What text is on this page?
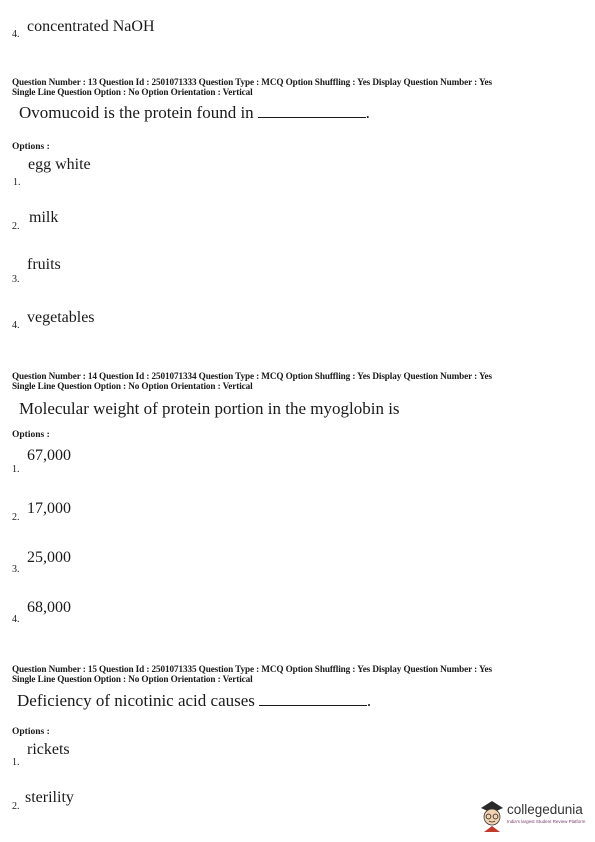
4. concentrated NaOH
Question Number : 13 Question Id : 2501071333 Question Type : MCQ Option Shuffling : Yes Display Question Number : Yes
Single Line Question Option : No Option Orientation : Vertical
Ovomucoid is the protein found in	.
Options :
egg white
1.
2.
milk
fruits
3.
4. vegetables
Question Number : 14 Question Id : 2501071334 Question Type : MCQ Option Shuffling : Yes Display Question Number : Yes
Single Line Question Option : No Option Orientation : Vertical
Molecular weight of protein portion in the myoglobin is
Options :
67,000
1.
2.
17,000
25,000
3.
68,000
4.
Question Number : 15 Question Id : 2501071335 Question Type : MCQ Option Shuffling : Yes Display Question Number : Yes
Single Line Question Option : No Option Orientation : Vertical
Deficiency of nicotinic acid causes	.
Options :
rickets
1.
2.
sterility
collegedunia
India's largest Student Review Platform
